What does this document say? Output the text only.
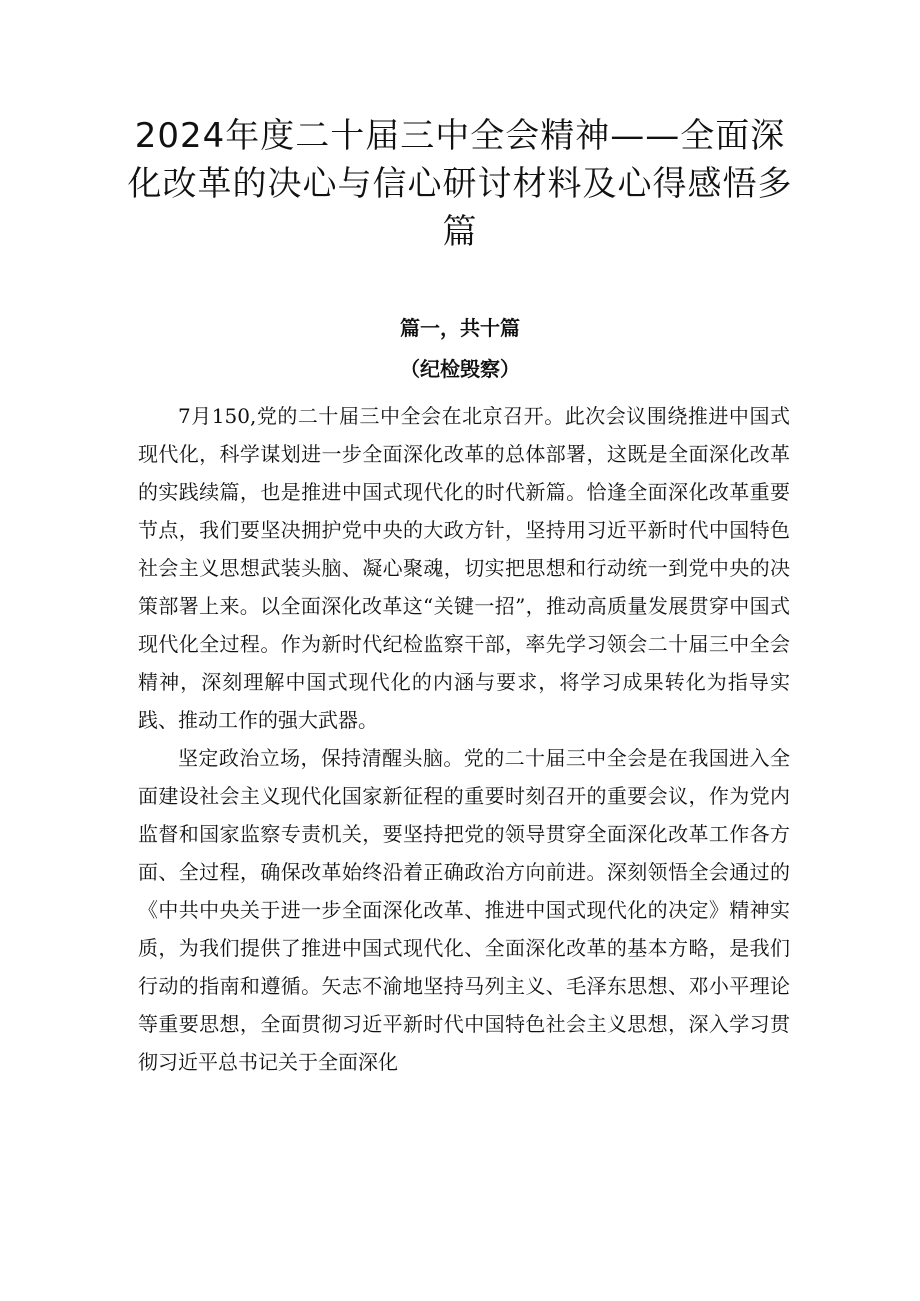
2024年度二十届三中全会精神——全面深化改革的决心与信心研讨材料及心得感悟多篇

篇一，共十篇

（纪检毁察）

7月150,党的二十届三中全会在北京召开。此次会议围绕推进中国式现代化，科学谋划进一步全面深化改革的总体部署，这既是全面深化改革的实践续篇，也是推进中国式现代化的时代新篇。恰逢全面深化改革重要节点，我们要坚决拥护党中央的大政方针，坚持用习近平新时代中国特色社会主义思想武装头脑、凝心聚魂，切实把思想和行动统一到党中央的决策部署上来。以全面深化改革这“关键一招”，推动高质量发展贯穿中国式现代化全过程。作为新时代纪检监察干部，率先学习领会二十届三中全会精神，深刻理解中国式现代化的内涵与要求，将学习成果转化为指导实践、推动工作的强大武器。

坚定政治立场，保持清醒头脑。党的二十届三中全会是在我国进入全面建设社会主义现代化国家新征程的重要时刻召开的重要会议，作为党内监督和国家监察专责机关，要坚持把党的领导贯穿全面深化改革工作各方面、全过程，确保改革始终沿着正确政治方向前进。深刻领悟全会通过的《中共中央关于进一步全面深化改革、推进中国式现代化的决定》精神实质，为我们提供了推进中国式现代化、全面深化改革的基本方略，是我们行动的指南和遵循。矢志不渝地坚持马列主义、毛泽东思想、邓小平理论等重要思想，全面贯彻习近平新时代中国特色社会主义思想，深入学习贯彻习近平总书记关于全面深化
